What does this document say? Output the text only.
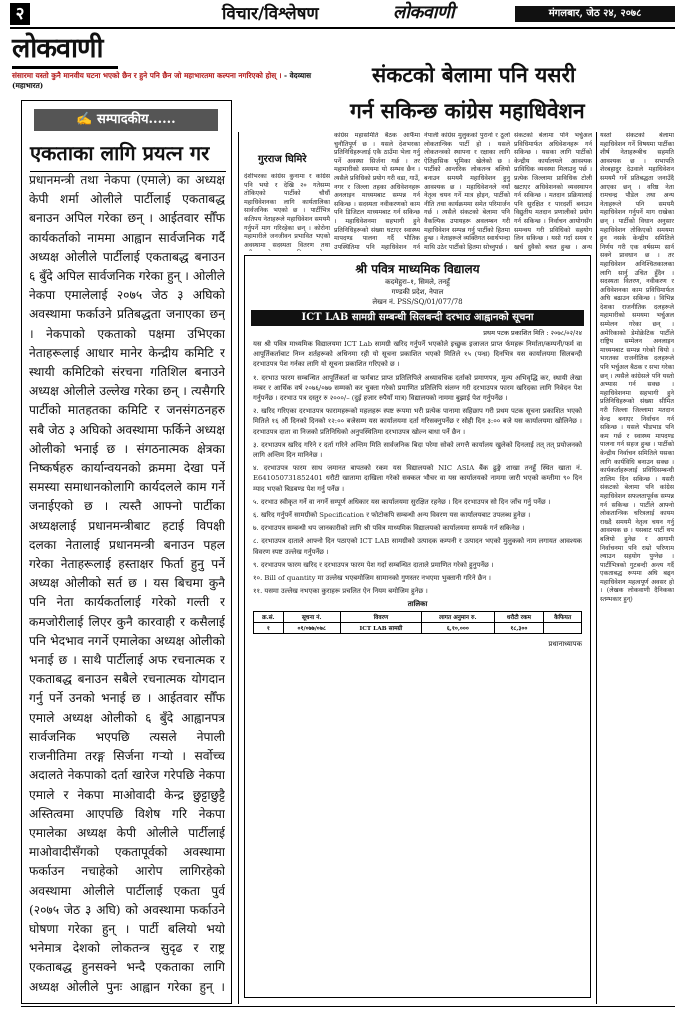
२	विचार/विश्लेषण	लोकवाणी	मंगलबार, जेठ २४, २०७८
लोकवाणी
संसारमा यस्तो कुनै मानवीय घटना भएको छैन र हुने पनि छैन जो महाभारतमा कल्पना नगरिएको होस् । - वेदव्यास (महाभारत)	संकटको बेलामा पनि यसरी
गर्न सकिन्छ कांग्रेस महाधिवेशन
✍ सम्पादकीय......
एकताका लागि प्रयत्न गर
प्रधानमन्त्री तथा नेकपा (एमाले) का अध्यक्ष केपी शर्मा ओलीले पार्टीलाई एकताबद्ध बनाउन अपिल गरेका छन् । आईतवार सौँफ कार्यकर्ताको नाममा आह्वान सार्वजनिक गर्दै अध्यक्ष ओलीले पार्टीलाई एकताबद्ध बनाउन ६ बुँदे अपिल सार्वजनिक गरेका हुन् । ओलीले नेकपा एमालेलाई २०७५ जेठ ३ अघिको अवस्थामा फर्काउने प्रतिबद्धता जनाएका छन् । नेकपाको एकताको पक्षमा उभिएका नेताहरूलाई आधार मानेर केन्द्रीय कमिटि र स्थायी कमिटिको संरचना गतिशिल बनाउने अध्यक्ष ओलीले उल्लेख गरेका छन् । त्यसैगरि पार्टीको मातहतका कमिटि र जनसंगठनहरु सबै जेठ ३ अघिको अवस्थामा फर्किने अध्यक्ष ओलीको भनाई छ । संगठनात्मक क्षेत्रका निष्कर्षहरु कार्यान्वयनको क्रममा देखा पर्ने समस्या समाधानकोलागि कार्यदलले काम गर्ने जनाईएको छ । त्यस्तै आफ्नो पार्टीका अध्यक्षलाई प्रधानमन्त्रीबाट हटाई विपक्षी दलका नेतालाई प्रधानमन्त्री बनाउन पहल गरेका नेताहरूलाई हस्ताक्षर फिर्ता हुनु पर्ने अध्यक्ष ओलीको सर्त छ । यस बिचमा कुनै पनि नेता कार्यकर्तालाई गरेको गल्ती र कमजोरीलाई लिएर कुनै कारवाही र कसैलाई पनि भेदभाव नगर्ने एमालेका अध्यक्ष ओलीको भनाई छ । साथै पार्टीलाई अफ रचनात्मक र एकताबद्ध बनाउन सबैले रचनात्मक योगदान गर्नु पर्ने उनको भनाई छ । आईतवार सौँफ एमाले अध्यक्ष ओलीको ६ बुँदे आह्वानपत्र सार्वजनिक भएपछि त्यसले नेपाली राजनीतिमा तरङ्ग सिर्जना गऱ्यो । सर्वोच्च अदालते नेकपाको दर्ता खारेज गरेपछि नेकपा एमाले र नेकपा माओवादी केन्द्र छुट्टाछुट्टै अस्तित्वमा आएपछि विशेष गरि नेकपा एमालेका अध्यक्ष केपी ओलीले पार्टीलाई माओवादीसँगको एकतापूर्वको अवस्थामा फर्काउन नचाहेको आरोप लागिरहेको अवस्थामा ओलीले पार्टीलाई एकता पुर्व (२०७५ जेठ ३ अघि) को अवस्थामा फर्काउने घोषणा गरेका हुन् । पार्टी बलियो भयो भनेमात्र देशको लोकतन्त्र सुदृढ र राष्ट्र एकताबद्ध हुनसक्ने भन्दै एकताका लागि अध्यक्ष ओलीले पुनः आह्वान गरेका हुन् ।
गुरराज घिमिरे
देशीभरका कांग्रेस कुनामा र कांग्रेस पनि भयो र देखि २० गतेसम्म तोकिएको पार्टीको चौधौं महाधिवेशनका लागि कार्यतालिका सार्वजनिक भएको छ । पार्टीभित्र कतिपय नेताहरूले महाधिवेशन समयमै गर्नुपर्ने माग गरिरहेका छन् । कोरोना महामारीले जनजीवन प्रभावित भएको अवस्थामा सदस्यता वितरण तथा
कांग्रेस महासमिति बैठक आफैँमा चुनौतिपूर्ण छ । यसले देशभरका प्रतिनिधिहरूलाई एकै ठाउँमा भेला गर्नु पर्ने अवस्था सिर्जना गर्छ । तर महामारीको समयमा यो सम्भव छैन । त्यसैले प्रविधिको प्रयोग गरी वडा, गाउँ, नगर र जिल्ला तहका अधिवेशनहरू अनलाइन माध्यमबाट सम्पन्न गर्न सकिन्छ । सदस्यता नवीकरणको काम पनि डिजिटल माध्यमबाट गर्न सकिन्छ । महाधिवेशनमा सहभागी हुने प्रतिनिधिहरूको संख्या घटाएर स्वास्थ्य मापदण्ड पालना गर्दै भौतिक उपस्थितिमा पनि महाधिवेशन गर्न
नेपाली कांग्रेस मुलुकको पुरानो र ठूलो लोकतान्त्रिक पार्टी हो । यसले लोकतन्त्रको स्थापना र रक्षाका लागि ऐतिहासिक भूमिका खेलेको छ । पार्टीको आन्तरिक लोकतन्त्र बलियो बनाउन समयमै महाधिवेशन हुनु आवश्यक छ । महाधिवेशनले नयाँ नेतृत्व चयन गर्ने मात्र होइन, पार्टीको नीति तथा कार्यक्रममा समेत परिमार्जन गर्छ । त्यसैले संकटको बेलामा पनि वैकल्पिक उपायहरू अवलम्बन गरी महाधिवेशन सम्पन्न गर्नु पार्टीको हितमा हुन्छ । नेताहरूले व्यक्तिगत स्वार्थभन्दा माथि उठेर पार्टीको हितमा सोच्नुपर्छ ।
संकटको बेलामा पनि भर्चुअल प्रविधिमार्फत अधिवेशनहरू गर्न सकिन्छ । यसका लागि पार्टीको केन्द्रीय कार्यालयले आवश्यक प्राविधिक व्यवस्था मिलाउनु पर्छ । प्रत्येक जिल्लामा प्राविधिक टोली खटाएर अधिवेशनको व्यवस्थापन गर्न सकिन्छ । मतदान प्रक्रियालाई पनि सुरक्षित र पारदर्शी बनाउन विद्युतीय मतदान प्रणालीको प्रयोग गर्न सकिन्छ । निर्वाचन आयोगसँग समन्वय गरी प्रविधिको सहयोग लिन सकिन्छ । यसो गर्दा समय र खर्च दुवैको बचत हुन्छ । अन्य
यस्तो संकटको बेलामा महाधिवेशन गर्ने विषयमा पार्टीका शीर्ष नेताहरूबीच सहमति आवश्यक छ । सभापति शेरबहादुर देउवाले महाधिवेशन समयमै गर्ने प्रतिबद्धता जनाउँदै आएका छन् । वरिष्ठ नेता रामचन्द्र पौडेल तथा अन्य नेताहरूले पनि समयमै महाधिवेशन गर्नुपर्ने माग राखेका छन् । पार्टीको विधान अनुसार महाधिवेशन तोकिएको समयमा हुन नसके केन्द्रीय समितिले निर्णय गरी एक वर्षसम्म सार्न सक्ने प्रावधान छ । तर महाधिवेशन अनिश्चितकालका लागि सार्नु उचित हुँदैन । सदस्यता वितरण, नवीकरण र अधिवेशनका काम प्रविधिमार्फत अघि बढाउन सकिन्छ । विभिन्न देशका राजनीतिक दलहरूले महामारीको समयमा भर्चुअल सम्मेलन गरेका छन् । अमेरिकाको डेमोक्रेटिक पार्टीले राष्ट्रिय सम्मेलन अनलाइन माध्यमबाट सम्पन्न गरेको थियो । भारतका राजनीतिक दलहरूले पनि भर्चुअल बैठक र सभा गरेका छन् । त्यसैले कांग्रेसले पनि यस्तो अभ्यास गर्न सक्छ । महाधिवेशनमा सहभागी हुने प्रतिनिधिहरूको संख्या सीमित गरी जिल्ला जिल्लामा मतदान केन्द्र बनाएर निर्वाचन गर्न सकिन्छ । यसले भीडभाड पनि कम गर्छ र स्वास्थ्य मापदण्ड पालना गर्न सहज हुन्छ । पार्टीको केन्द्रीय निर्वाचन समितिले यसका लागि कार्यविधि बनाउन सक्छ । कार्यकर्ताहरूलाई प्रविधिसम्बन्धी तालिम दिन सकिन्छ । यसरी संकटको बेलामा पनि कांग्रेस महाधिवेशन सफलतापूर्वक सम्पन्न गर्न सकिन्छ । पार्टीले आफ्नो लोकतान्त्रिक चरित्रलाई कायम राख्दै समयमै नेतृत्व चयन गर्नु आवश्यक छ । यसबाट पार्टी थप बलियो हुनेछ र आगामी निर्वाचनमा पनि राम्रो परिणाम ल्याउन सहयोग पुग्नेछ । पार्टीभित्रको गुटबन्दी अन्त्य गर्दै एकताबद्ध रूपमा अघि बढ्न महाधिवेशन महत्वपूर्ण अवसर हो । (लेखक लोकवाणी दैनिकका स्तम्भकार हुन्)
श्री पवित्र माध्यमिक विद्यालय
कदमेहुरा–१, सिमले, तनहुँ
गण्डकी प्रदेश, नेपाल
लेखन नं. PSS/SQ/01/077/78
ICT LAB सामग्री सम्बन्धी सिलबन्दी दरभाउ आह्वानको सूचना
प्रथम पटक प्रकाशित मिति : २०७८/०२/२४

यस श्री पवित्र माध्यमिक विद्यालयमा ICT Lab सामग्री खरिद गर्नुपर्ने भएकोले इच्छुक इजाजत प्राप्त र्फमहरू निर्माता/कम्पनी/फर्म वा आपूर्तिकर्ताबाट निम्न शर्तहरूको अधिनमा रही यो सूचना प्रकाशित भएको मितिले १५ (पन्ध्र) दिनभित्र यस कार्यालयमा सिलबन्दी दरभाउपत्र पेश गर्नका लागि यो सूचना प्रकाशित गरिएको छ ।

१. दरभाउ फारम सम्बन्धित आपूर्तिकर्ता वा फर्मबाट प्राप्त प्रतिलिपिले अध्यावधिक दर्ताको प्रमाणपत्र, मूल्य अभिवृद्धि कर, स्थायी लेखा नम्बर र आर्थिक वर्ष २०७६/०७७ सम्मको कर चुक्ता गरेको प्रमाणित प्रतिलिपि संलग्न गरी दरभाउपत्र फारम खरिदका लागि निवेदन पेश गर्नुपर्नेछ । दरभाउ पत्र दस्तुर रु २०००/– (दुई हजार रुपैयाँ मात्र) विद्यालयको नाममा बुझाई पेश गर्नुपर्नेछ ।

२. खरिद गरिएका दरभाउपत्र फारामहरूको महलहरू स्पष्ट रूपमा भरी प्रत्येक पानामा सहिछाप गरी प्रथम पटक सूचना प्रकाशित भएको मितिले १६ औं दिनको दिनको १२:०० बजेसम्म यस कार्यालयमा दर्ता गरिसक्नुपर्नेछ र सोही दिन ३:०० बजे यस कार्यालयमा खोलिनेछ । दरभाउपत्र दाता वा निजको प्रतिनिधिको अनुपस्थितिमा दरभाउपत्र खोल्न बाधा पर्ने छैन ।

३. दरभाउपत्र खरिद गरिने र दर्ता गरिने अन्तिम मिति सार्वजनिक बिदा परेमा सोको लगत्तै कार्यालय खुलेको दिनलाई तत् तत् प्रयोजनको लागि अन्तिम दिन मानिनेछ ।

४. दरभाउपत्र फारम साथ जमानत बापतको रकम यस विद्यालयको NIC ASIA बैंक ढुङ्गे शाखा तनहुँ स्थित खाता नं. E641050731852401 धरौटी खातामा दाखिला गरेको सक्कल भौचर वा यस कार्यालयको नाममा जारी भएको कम्तीमा ९० दिन म्याद भएको बिडबण्ड पेश गर्नु पर्नेछ ।

५. दरभाउ स्वीकृत गर्ने वा नगर्ने सम्पूर्ण अधिकार यस कार्यालयमा सुरक्षित रहनेछ । दिन दरभाउपत्र सो दिन जाँच गर्नु पर्नेछ ।

६. खरिद गर्नुपर्ने सामग्रीको Specification र फोटोकपि सम्बन्धी अन्य विवरण यस कार्यालयबाट उपलब्ध हुनेछ ।

७. दरभाउपत्र सम्बन्धी थप जानकारीको लागि श्री पवित्र माध्यमिक विद्यालयको कार्यालयमा सम्पर्क गर्न सकिनेछ ।

८. दरभाउपत्र दाताले आफ्नो दिन पठाएको ICT LAB सामग्रीको उत्पादक कम्पनी र उत्पादन भएको मुलुकको नाम लगायत आवश्यक विवरण स्पष्ट उल्लेख गर्नुपर्नेछ ।

९. दरभाउपत्र फारम खरिद र दरभाउपत्र फारम पेश गर्दा सम्बन्धित दाताले प्रमाणित गरेको हुनुपर्नेछ ।

१०. Bill of quantity मा उल्लेख भएबमोजिम सामानको गुणस्तर नभएमा भुक्तानी गरिने छैन ।

११. यसमा उल्लेख नभएका कुराहरू प्रचलित ऐन नियम बमोजिम हुनेछ ।

तालिका
क्र.सं.	सूचना नं.	विवरण	लागत अनुमान रु.	धरौटी रकम	कैफियत
१	०१/०७७/०७८	ICT LAB सामग्री	६,१०,०००	१८,३००	
प्रधानाध्यापक
